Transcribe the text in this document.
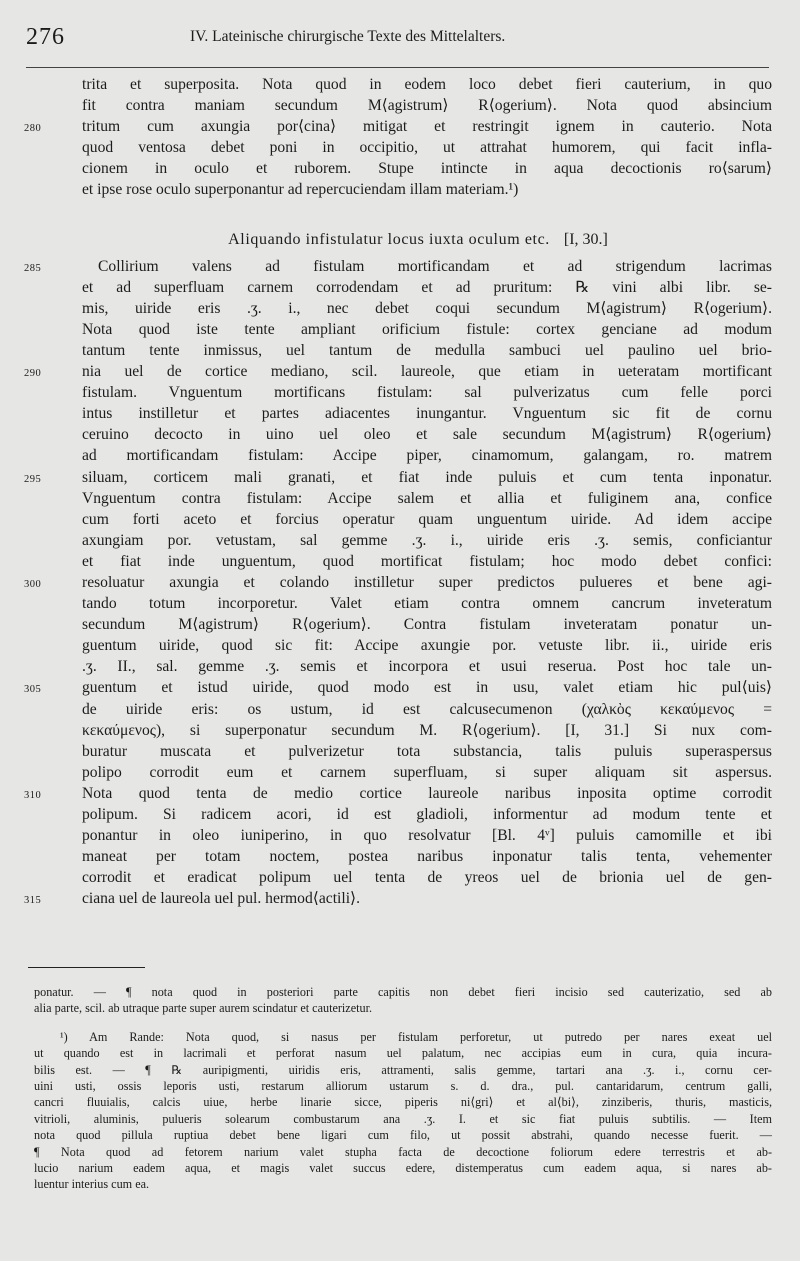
276	IV. Lateinische chirurgische Texte des Mittelalters.
trita et superposita. Nota quod in eodem loco debet fieri cauterium, in quo
fit contra maniam secundum M⟨agistrum⟩ R⟨ogerium⟩. Nota quod absincium
280	tritum cum axungia por⟨cina⟩ mitigat et restringit ignem in cauterio. Nota
quod ventosa debet poni in occipitio, ut attrahat humorem, qui facit infla-
cionem in oculo et ruborem. Stupe intincte in aqua decoctionis ro⟨sarum⟩
et ipse rose oculo superponantur ad repercuciendam illam materiam.¹)
Aliquando infistulatur locus iuxta oculum etc. [I, 30.]
285	Collirium valens ad fistulam mortificandam et ad strigendum lacrimas
et ad superfluam carnem corrodendam et ad pruritum: ℞ vini albi libr. se-
mis, uiride eris .ʒ. i., nec debet coqui secundum M⟨agistrum⟩ R⟨ogerium⟩.
Nota quod iste tente ampliant orificium fistule: cortex genciane ad modum
tantum tente inmissus, uel tantum de medulla sambuci uel paulino uel brio-
290	nia uel de cortice mediano, scil. laureole, que etiam in ueteratam mortificant
fistulam. Vnguentum mortificans fistulam: sal pulverizatus cum felle porci
intus instilletur et partes adiacentes inungantur. Vnguentum sic fit de cornu
ceruino decocto in uino uel oleo et sale secundum M⟨agistrum⟩ R⟨ogerium⟩
ad mortificandam fistulam: Accipe piper, cinamomum, galangam, ro. matrem
295	siluam, corticem mali granati, et fiat inde puluis et cum tenta inponatur.
Vnguentum contra fistulam: Accipe salem et allia et fuliginem ana, confice
cum forti aceto et forcius operatur quam unguentum uiride. Ad idem accipe
axungiam por. vetustam, sal gemme .ʒ. i., uiride eris .ʒ. semis, conficiantur
et fiat inde unguentum, quod mortificat fistulam; hoc modo debet confici:
300	resoluatur axungia et colando instilletur super predictos pulueres et bene agi-
tando totum incorporetur. Valet etiam contra omnem cancrum inveteratum
secundum M⟨agistrum⟩ R⟨ogerium⟩. Contra fistulam inveteratam ponatur un-
guentum uiride, quod sic fit: Accipe axungie por. vetuste libr. ii., uiride eris
.ʒ. II., sal. gemme .ʒ. semis et incorpora et usui reserua. Post hoc tale un-
305	guentum et istud uiride, quod modo est in usu, valet etiam hic pul⟨uis⟩
de uiride eris: os ustum, id est calcusecumenon (χαλκὸς κεκαύμενος =
κεκαύμενος), si superponatur secundum M. R⟨ogerium⟩. [I, 31.] Si nux com-
buratur muscata et pulverizetur tota substancia, talis puluis superaspersus
polipo corrodit eum et carnem superfluam, si super aliquam sit aspersus.
310	Nota quod tenta de medio cortice laureole naribus inposita optime corrodit
polipum. Si radicem acori, id est gladioli, informentur ad modum tente et
ponantur in oleo iuniperino, in quo resolvatur [Bl. 4ᵛ] puluis camomille et ibi
maneat per totam noctem, postea naribus inponatur talis tenta, vehementer
corrodit et eradicat polipum uel tenta de yreos uel de brionia uel de gen-
315	ciana uel de laureola uel pul. hermod⟨actili⟩.
ponatur. — ¶ nota quod in posteriori parte capitis non debet fieri incisio sed cauterizatio, sed ab
alia parte, scil. ab utraque parte super aurem scindatur et cauterizetur.
¹) Am Rande: Nota quod, si nasus per fistulam perforetur, ut putredo per nares exeat uel
ut quando est in lacrimali et perforat nasum uel palatum, nec accipias eum in cura, quia incura-
bilis est. — ¶ ℞ auripigmenti, uiridis eris, attramenti, salis gemme, tartari ana .ʒ. i., cornu cer-
uini usti, ossis leporis usti, restarum alliorum ustarum s. d. dra., pul. cantaridarum, centrum galli,
cancri fluuialis, calcis uiue, herbe linarie sicce, piperis ni⟨gri⟩ et al⟨bi⟩, zinziberis, thuris, masticis,
vitrioli, aluminis, pulueris solearum combustarum ana .ʒ. I. et sic fiat puluis subtilis. — Item
nota quod pillula ruptiua debet bene ligari cum filo, ut possit abstrahi, quando necesse fuerit. —
¶ Nota quod ad fetorem narium valet stupha facta de decoctione foliorum edere terrestris et ab-
lucio narium eadem aqua, et magis valet succus edere, distemperatus cum eadem aqua, si nares ab-
luentur interius cum ea.
